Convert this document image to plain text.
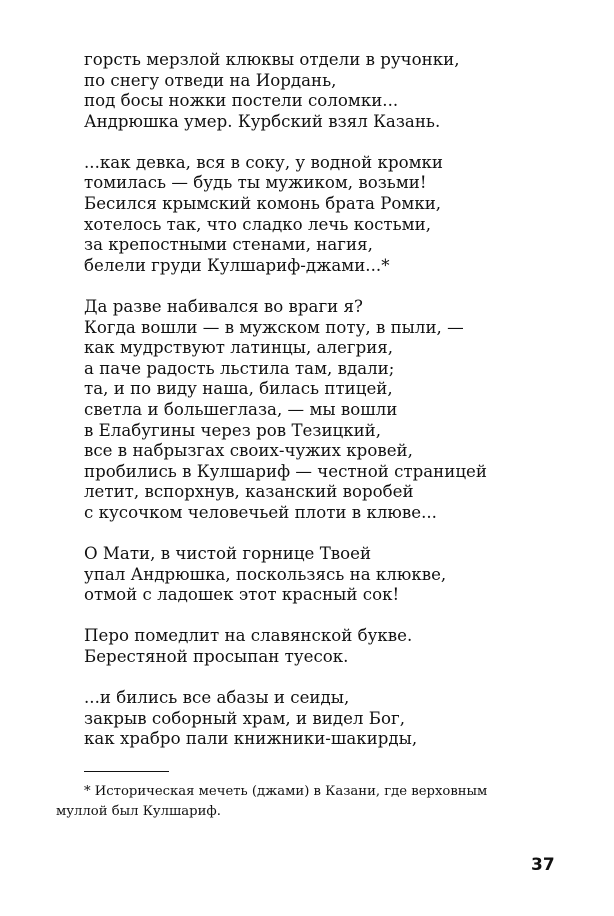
горсть мерзлой клюквы отдели в ручонки,
по снегу отведи на Иордань,
под босы ножки постели соломки...
Андрюшка умер. Курбский взял Казань.
...как девка, вся в соку, у водной кромки
томилась — будь ты мужиком, возьми!
Бесился крымский комонь брата Ромки,
хотелось так, что сладко лечь костьми,
за крепостными стенами, нагия,
белели груди Кулшариф-джами...*
Да разве набивался во враги я?
Когда вошли — в мужском поту, в пыли, —
как мудрствуют латинцы, алегрия,
а паче радость льстила там, вдали;
та, и по виду наша, билась птицей,
светла и большеглаза, — мы вошли
в Елабугины через ров Тезицкий,
все в набрызгах своих-чужих кровей,
пробились в Кулшариф — честной страницей
летит, вспорхнув, казанский воробей
с кусочком человечьей плоти в клюве...
О Мати, в чистой горнице Твоей
упал Андрюшка, поскользясь на клюкве,
отмой с ладошек этот красный сок!
Перо помедлит на славянской букве.
Берестяной просыпан туесок.
...и бились все абазы и сеиды,
закрыв соборный храм, и видел Бог,
как храбро пали книжники-шакирды,
* Историческая мечеть (джами) в Казани, где верховным
муллой был Кулшариф.
37
